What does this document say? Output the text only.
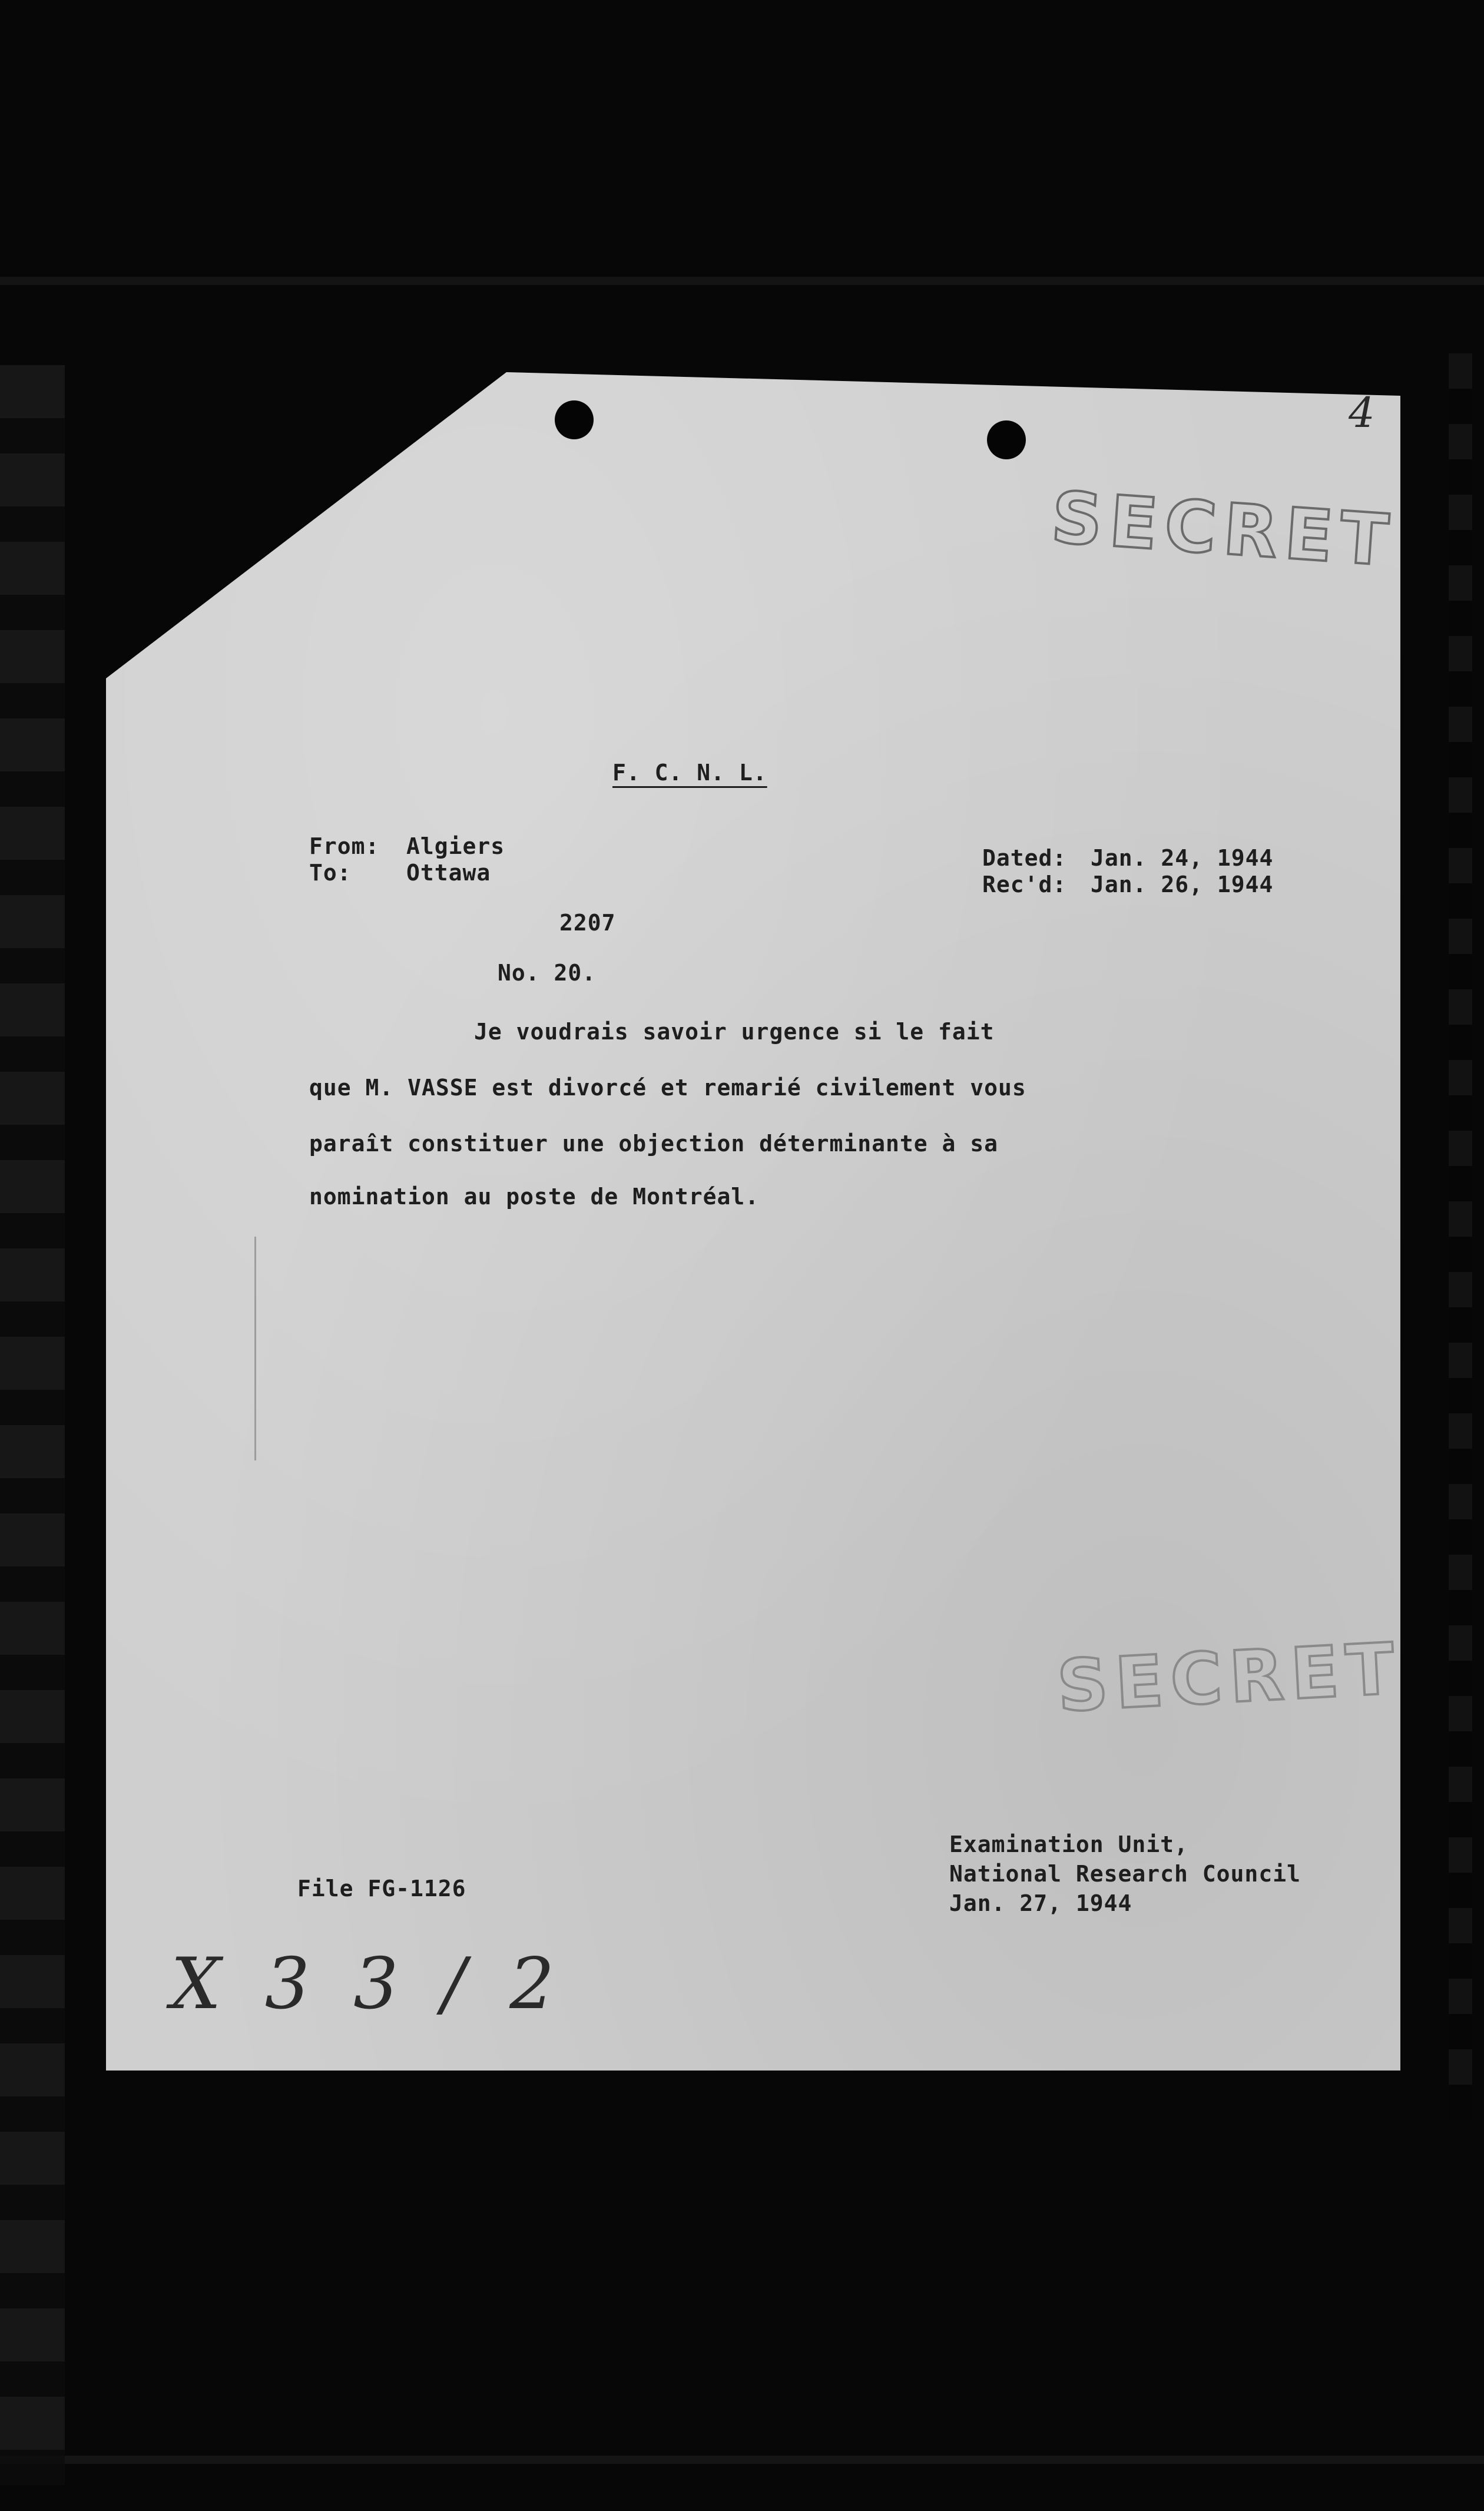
4
SECRET
F. C. N. L.
From: Algiers
To: Ottawa
Dated: Jan. 24, 1944
Rec'd: Jan. 26, 1944
2207
No. 20.
Je voudrais savoir urgence si le fait
que M. VASSE est divorcé et remarié civilement vous
paraît constituer une objection déterminante à sa
nomination au poste de Montréal.
SECRET
File FG-1126
Examination Unit,
National Research Council
Jan. 27, 1944
X 3 3 / 2
